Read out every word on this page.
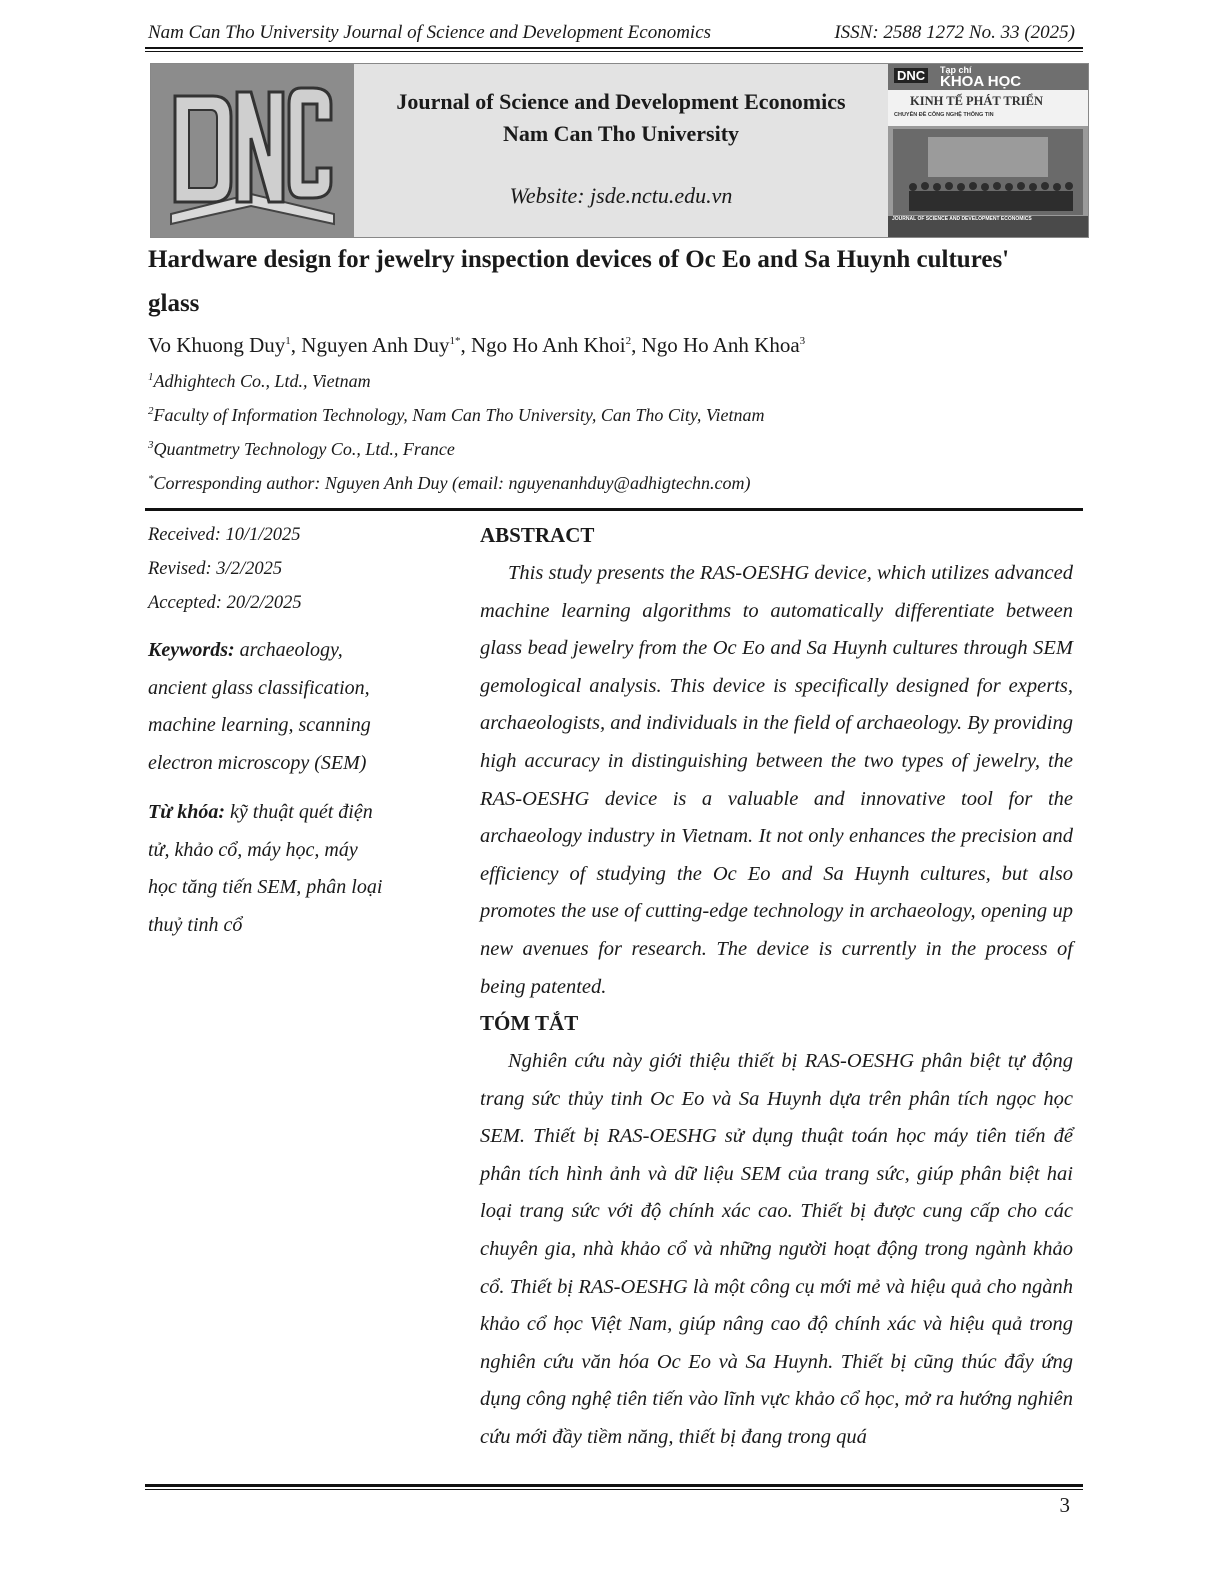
Nam Can Tho University Journal of Science and Development Economics	ISSN: 2588 1272 No. 33 (2025)
Journal of Science and Development Economics
Nam Can Tho University
Website: jsde.nctu.edu.vn
DNC	Tạp chí
KHOA HỌC
KINH TẾ PHÁT TRIỂN
CHUYÊN ĐỀ CÔNG NGHỆ THÔNG TIN
JOURNAL OF SCIENCE AND DEVELOPMENT ECONOMICS
Hardware design for jewelry inspection devices of Oc Eo and Sa Huynh cultures'
glass
Vo Khuong Duy$^1$, Nguyen Anh Duy$^{1*}$, Ngo Ho Anh Khoi$^2$, Ngo Ho Anh Khoa$^3$
$^1$Adhightech Co., Ltd., Vietnam
$^2$Faculty of Information Technology, Nam Can Tho University, Can Tho City, Vietnam
$^3$Quantmetry Technology Co., Ltd., France
*Corresponding author: Nguyen Anh Duy (email: nguyenanhduy@adhigtechn.com)
Received: 10/1/2025
Revised: 3/2/2025
Accepted: 20/2/2025
Keywords: archaeology,
ancient glass classification,
machine learning, scanning
electron microscopy (SEM)
Từ khóa: kỹ thuật quét điện
tử, khảo cổ, máy học, máy
học tăng tiến SEM, phân loại
thuỷ tinh cổ
ABSTRACT
This study presents the RAS-OESHG device, which utilizes advanced machine learning algorithms to automatically differentiate between glass bead jewelry from the Oc Eo and Sa Huynh cultures through SEM gemological analysis. This device is specifically designed for experts, archaeologists, and individuals in the field of archaeology. By providing high accuracy in distinguishing between the two types of jewelry, the RAS-OESHG device is a valuable and innovative tool for the archaeology industry in Vietnam. It not only enhances the precision and efficiency of studying the Oc Eo and Sa Huynh cultures, but also promotes the use of cutting-edge technology in archaeology, opening up new avenues for research. The device is currently in the process of being patented.
TÓM TẮT
Nghiên cứu này giới thiệu thiết bị RAS-OESHG phân biệt tự động trang sức thủy tinh Oc Eo và Sa Huynh dựa trên phân tích ngọc học SEM. Thiết bị RAS-OESHG sử dụng thuật toán học máy tiên tiến để phân tích hình ảnh và dữ liệu SEM của trang sức, giúp phân biệt hai loại trang sức với độ chính xác cao. Thiết bị được cung cấp cho các chuyên gia, nhà khảo cổ và những người hoạt động trong ngành khảo cổ. Thiết bị RAS-OESHG là một công cụ mới mẻ và hiệu quả cho ngành khảo cổ học Việt Nam, giúp nâng cao độ chính xác và hiệu quả trong nghiên cứu văn hóa Oc Eo và Sa Huynh. Thiết bị cũng thúc đẩy ứng dụng công nghệ tiên tiến vào lĩnh vực khảo cổ học, mở ra hướng nghiên cứu mới đầy tiềm năng, thiết bị đang trong quá
3
